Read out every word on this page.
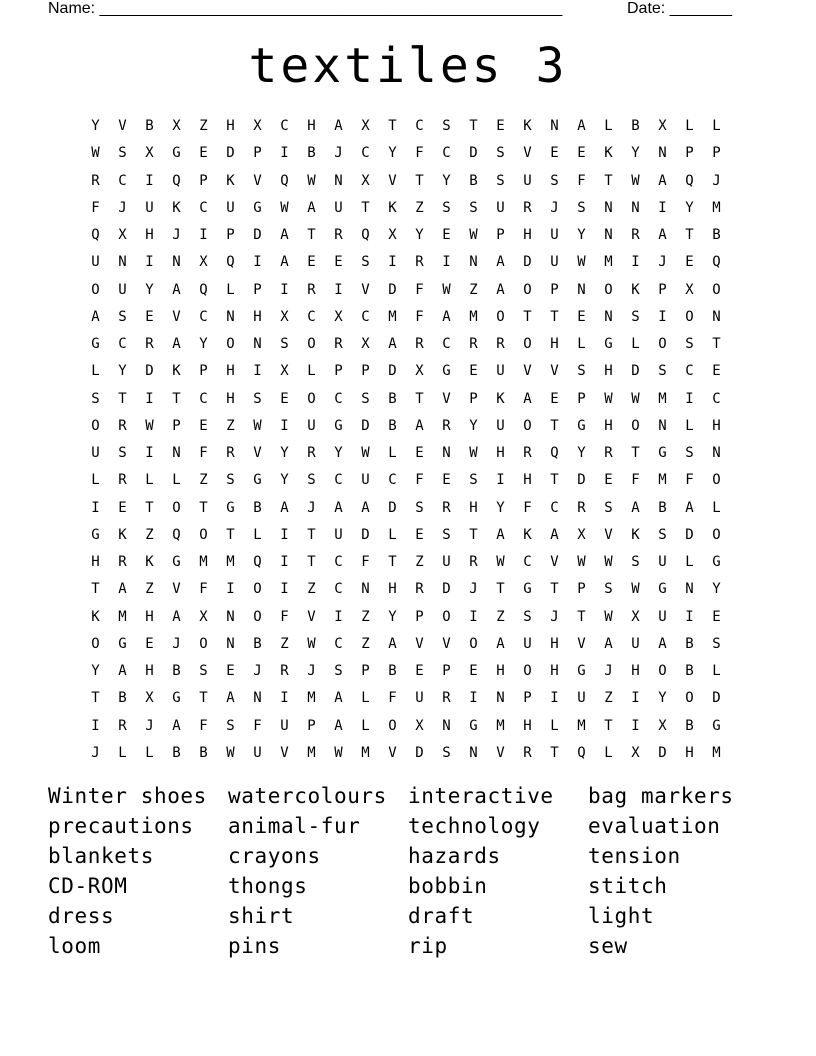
Name: ____________________________________________________	Date: _______
textiles 3
Y	V	B	X	Z	H	X	C	H	A	X	T	C	S	T	E	K	N	A	L	B	X	L	L
W	S	X	G	E	D	P	I	B	J	C	Y	F	C	D	S	V	E	E	K	Y	N	P	P
R	C	I	Q	P	K	V	Q	W	N	X	V	T	Y	B	S	U	S	F	T	W	A	Q	J
F	J	U	K	C	U	G	W	A	U	T	K	Z	S	S	U	R	J	S	N	N	I	Y	M
Q	X	H	J	I	P	D	A	T	R	Q	X	Y	E	W	P	H	U	Y	N	R	A	T	B
U	N	I	N	X	Q	I	A	E	E	S	I	R	I	N	A	D	U	W	M	I	J	E	Q
O	U	Y	A	Q	L	P	I	R	I	V	D	F	W	Z	A	O	P	N	O	K	P	X	O
A	S	E	V	C	N	H	X	C	X	C	M	F	A	M	O	T	T	E	N	S	I	O	N
G	C	R	A	Y	O	N	S	O	R	X	A	R	C	R	R	O	H	L	G	L	O	S	T
L	Y	D	K	P	H	I	X	L	P	P	D	X	G	E	U	V	V	S	H	D	S	C	E
S	T	I	T	C	H	S	E	O	C	S	B	T	V	P	K	A	E	P	W	W	M	I	C
O	R	W	P	E	Z	W	I	U	G	D	B	A	R	Y	U	O	T	G	H	O	N	L	H
U	S	I	N	F	R	V	Y	R	Y	W	L	E	N	W	H	R	Q	Y	R	T	G	S	N
L	R	L	L	Z	S	G	Y	S	C	U	C	F	E	S	I	H	T	D	E	F	M	F	O
I	E	T	O	T	G	B	A	J	A	A	D	S	R	H	Y	F	C	R	S	A	B	A	L
G	K	Z	Q	O	T	L	I	T	U	D	L	E	S	T	A	K	A	X	V	K	S	D	O
H	R	K	G	M	M	Q	I	T	C	F	T	Z	U	R	W	C	V	W	W	S	U	L	G
T	A	Z	V	F	I	O	I	Z	C	N	H	R	D	J	T	G	T	P	S	W	G	N	Y
K	M	H	A	X	N	O	F	V	I	Z	Y	P	O	I	Z	S	J	T	W	X	U	I	E
O	G	E	J	O	N	B	Z	W	C	Z	A	V	V	O	A	U	H	V	A	U	A	B	S
Y	A	H	B	S	E	J	R	J	S	P	B	E	P	E	H	O	H	G	J	H	O	B	L
T	B	X	G	T	A	N	I	M	A	L	F	U	R	I	N	P	I	U	Z	I	Y	O	D
I	R	J	A	F	S	F	U	P	A	L	O	X	N	G	M	H	L	M	T	I	X	B	G
J	L	L	B	B	W	U	V	M	W	M	V	D	S	N	V	R	T	Q	L	X	D	H	M
Winter shoes	watercolours	interactive	bag markers
precautions	animal-fur	technology	evaluation
blankets	crayons	hazards	tension
CD-ROM	thongs	bobbin	stitch
dress	shirt	draft	light
loom	pins	rip	sew
